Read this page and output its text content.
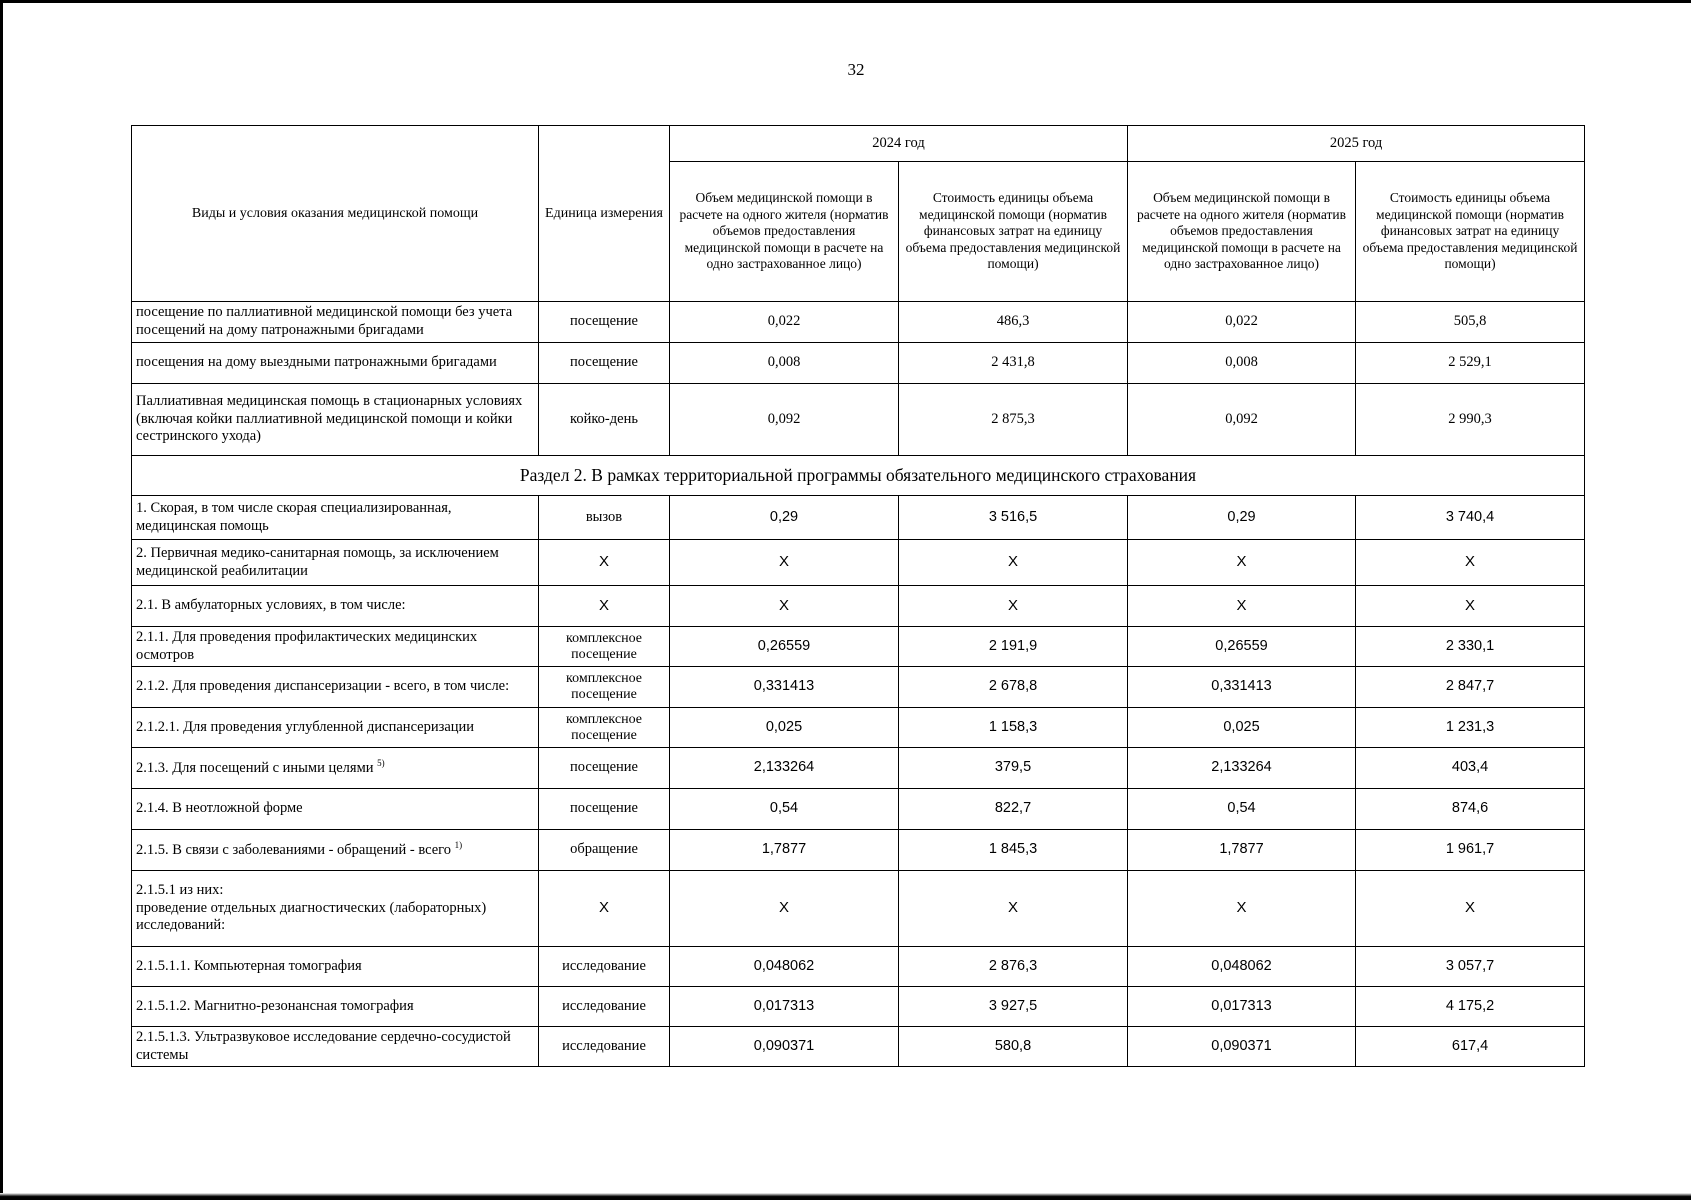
32
Виды и условия оказания медицинской помощи	Единица измерения	2024 год		2025 год	
		Объем медицинской помощи в расчете на одного жителя (норматив объемов предоставления медицинской помощи в расчете на одно застрахованное лицо)	Стоимость единицы объема медицинской помощи (норматив финансовых затрат на единицу объема предоставления медицинской помощи)	Объем медицинской помощи в расчете на одного жителя (норматив объемов предоставления медицинской помощи в расчете на одно застрахованное лицо)	Стоимость единицы объема медицинской помощи (норматив финансовых затрат на единицу объема предоставления медицинской помощи)
посещение по паллиативной медицинской помощи без учета посещений на дому патронажными бригадами	посещение	0,022	486,3	0,022	505,8
посещения на дому выездными патронажными бригадами	посещение	0,008	2 431,8	0,008	2 529,1
Паллиативная медицинская помощь в стационарных условиях (включая койки паллиативной медицинской помощи и койки сестринского ухода)	койко-день	0,092	2 875,3	0,092	2 990,3
Раздел 2. В рамках территориальной программы обязательного медицинского страхования					
1. Скорая, в том числе скорая специализированная, медицинская помощь	вызов	0,29	3 516,5	0,29	3 740,4
2. Первичная медико-санитарная помощь, за исключением медицинской реабилитации	Х	Х	Х	Х	Х
2.1. В амбулаторных условиях, в том числе:	Х	Х	Х	Х	Х
2.1.1. Для проведения профилактических медицинских осмотров	комплексное посещение	0,26559	2 191,9	0,26559	2 330,1
2.1.2. Для проведения диспансеризации - всего, в том числе:	комплексное посещение	0,331413	2 678,8	0,331413	2 847,7
2.1.2.1. Для проведения углубленной диспансеризации	комплексное посещение	0,025	1 158,3	0,025	1 231,3
2.1.3. Для посещений с иными целями $^{5)}$	посещение	2,133264	379,5	2,133264	403,4
2.1.4. В неотложной форме	посещение	0,54	822,7	0,54	874,6
2.1.5. В связи с заболеваниями - обращений - всего $^{1)}$	обращение	1,7877	1 845,3	1,7877	1 961,7

2.1.5.1 из них:
проведение отдельных диагностических (лабораторных) исследований:	Х	Х	Х	Х	Х
2.1.5.1.1. Компьютерная томография	исследование	0,048062	2 876,3	0,048062	3 057,7
2.1.5.1.2. Магнитно-резонансная томография	исследование	0,017313	3 927,5	0,017313	4 175,2
2.1.5.1.3. Ультразвуковое исследование сердечно-сосудистой системы	исследование	0,090371	580,8	0,090371	617,4
